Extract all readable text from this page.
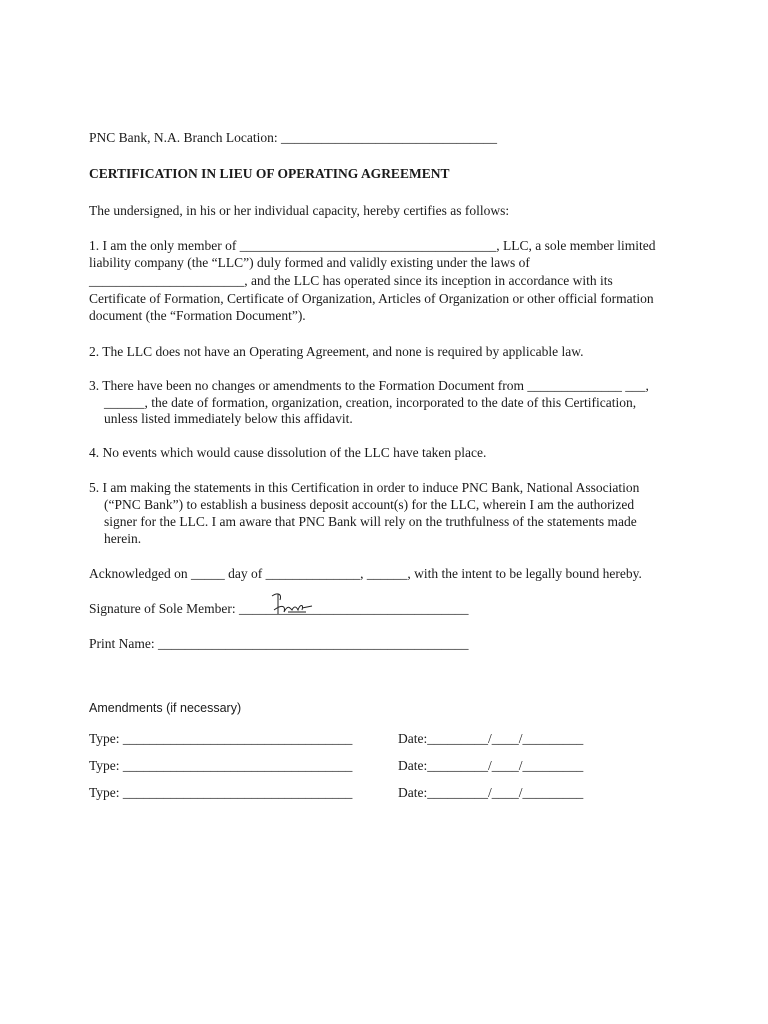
PNC Bank, N.A. Branch Location: ________________________________
CERTIFICATION IN LIEU OF OPERATING AGREEMENT
The undersigned, in his or her individual capacity, hereby certifies as follows:
1. I am the only member of ______________________________________, LLC, a sole member limited
liability company (the “LLC”) duly formed and validly existing under the laws of
_______________________, and the LLC has operated since its inception in accordance with its
Certificate of Formation, Certificate of Organization, Articles of Organization or other official formation
document (the “Formation Document”).
2. The LLC does not have an Operating Agreement, and none is required by applicable law.
3. There have been no changes or amendments to the Formation Document from ______________ ___,
______, the date of formation, organization, creation, incorporated to the date of this Certification,
unless listed immediately below this affidavit.
4. No events which would cause dissolution of the LLC have taken place.
5. I am making the statements in this Certification in order to induce PNC Bank, National Association
(“PNC Bank”) to establish a business deposit account(s) for the LLC, wherein I am the authorized
signer for the LLC. I am aware that PNC Bank will rely on the truthfulness of the statements made
herein.
Acknowledged on _____ day of ______________, ______, with the intent to be legally bound hereby.
Signature of Sole Member: __________________________________
Print Name: ______________________________________________
Amendments (if necessary)
Type: __________________________________	Date:_________/____/_________
Type: __________________________________	Date:_________/____/_________
Type: __________________________________	Date:_________/____/_________
